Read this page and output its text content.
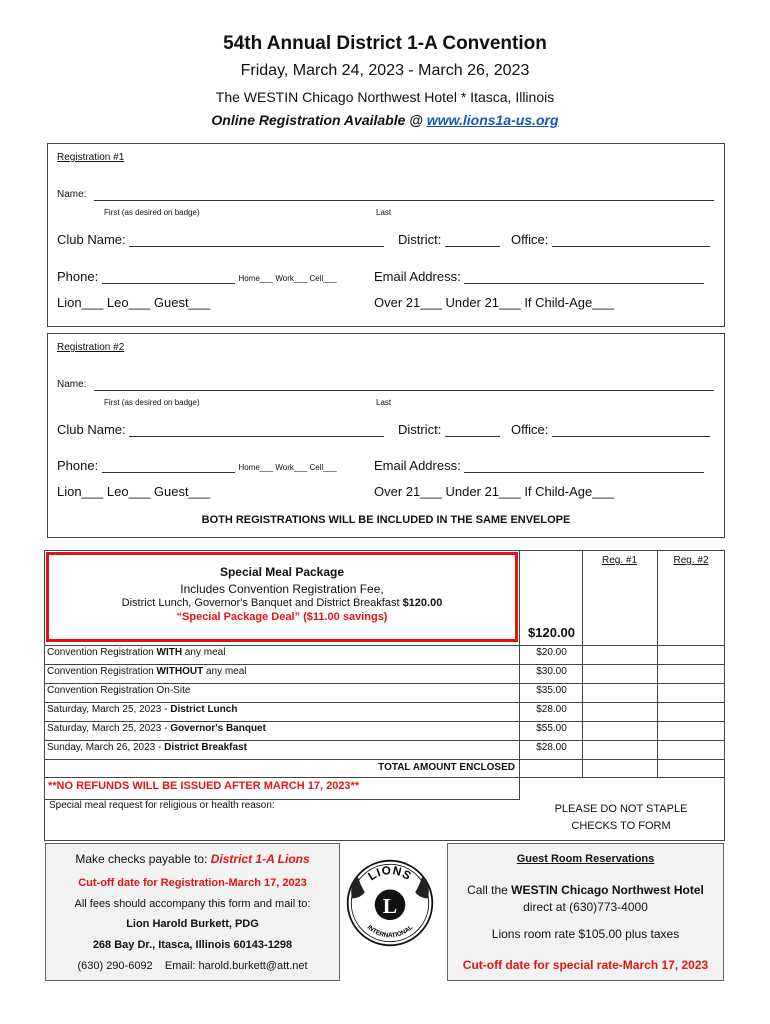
54th Annual District 1-A Convention
Friday, March 24, 2023 - March 26, 2023
The WESTIN Chicago Northwest Hotel * Itasca, Illinois
Online Registration Available @ www.lions1a-us.org
Registration #1
Name:
First (as desired on badge)	Last
Club Name:	District:	Office:
Phone:	Home___ Work___ Cell___	Email Address:
Lion___ Leo___ Guest___	Over 21___ Under 21___ If Child-Age___
Registration #2
Name:
First (as desired on badge)	Last
Club Name:	District:	Office:
Phone:	Home___ Work___ Cell___	Email Address:
Lion___ Leo___ Guest___	Over 21___ Under 21___ If Child-Age___
BOTH REGISTRATIONS WILL BE INCLUDED IN THE SAME ENVELOPE
Special Meal Package
Includes Convention Registration Fee,
District Lunch, Governor's Banquet and District Breakfast $120.00
“Special Package Deal” ($11.00 savings)
Reg. #1	Reg. #2
$120.00
Convention Registration WITH any meal	$20.00
Convention Registration WITHOUT any meal	$30.00
Convention Registration On-Site	$35.00
Saturday, March 25, 2023 - District Lunch	$28.00
Saturday, March 25, 2023 - Governor's Banquet	$55.00
Sunday, March 26, 2023 - District Breakfast	$28.00
TOTAL AMOUNT ENCLOSED
**NO REFUNDS WILL BE ISSUED AFTER MARCH 17, 2023**
Special meal request for religious or health reason:	PLEASE DO NOT STAPLE
CHECKS TO FORM
Make checks payable to: District 1-A Lions
Cut-off date for Registration-March 17, 2023
All fees should accompany this form and mail to:
Lion Harold Burkett, PDG
268 Bay Dr., Itasca, Illinois 60143-1298
(630) 290-6092 Email: harold.burkett@att.net
LIONS
L
INTERNATIONAL
Guest Room Reservations
Call the WESTIN Chicago Northwest Hotel
direct at (630)773-4000
Lions room rate $105.00 plus taxes
Cut-off date for special rate-March 17, 2023
